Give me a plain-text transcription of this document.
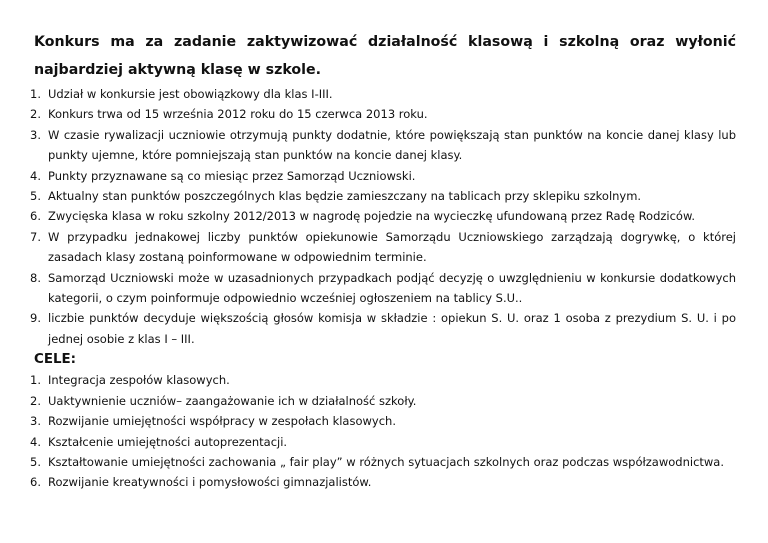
Konkurs ma za zadanie zaktywizować działalność klasową i szkolną oraz wyłonić najbardziej aktywną klasę w szkole.

1. Udział w konkursie jest obowiązkowy dla klas I-III.
2. Konkurs trwa od 15 września 2012 roku do 15 czerwca 2013 roku.
3. W czasie rywalizacji uczniowie otrzymują punkty dodatnie, które powiększają stan punktów na koncie danej klasy lub punkty ujemne, które pomniejszają stan punktów na koncie danej klasy.
4. Punkty przyznawane są co miesiąc przez Samorząd Uczniowski.
5. Aktualny stan punktów poszczególnych klas będzie zamieszczany na tablicach przy sklepiku szkolnym.
6. Zwycięska klasa w roku szkolny 2012/2013 w nagrodę pojedzie na wycieczkę ufundowaną przez Radę Rodziców.
7. W przypadku jednakowej liczby punktów opiekunowie Samorządu Uczniowskiego zarządzają dogrywkę, o której zasadach klasy zostaną poinformowane w odpowiednim terminie.
8. Samorząd Uczniowski może w uzasadnionych przypadkach podjąć decyzję o uwzględnieniu w konkursie dodatkowych kategorii, o czym poinformuje odpowiednio wcześniej ogłoszeniem na tablicy S.U..
9. liczbie punktów decyduje większością głosów komisja w składzie : opiekun S. U. oraz 1 osoba z prezydium S. U. i po jednej osobie z klas I – III.

CELE:

1. Integracja zespołów klasowych.
2. Uaktywnienie uczniów– zaangażowanie ich w działalność szkoły.
3. Rozwijanie umiejętności współpracy w zespołach klasowych.
4. Kształcenie umiejętności autoprezentacji.
5. Kształtowanie umiejętności zachowania „ fair play” w różnych sytuacjach szkolnych oraz podczas współzawodnictwa.
6. Rozwijanie kreatywności i pomysłowości gimnazjalistów.
